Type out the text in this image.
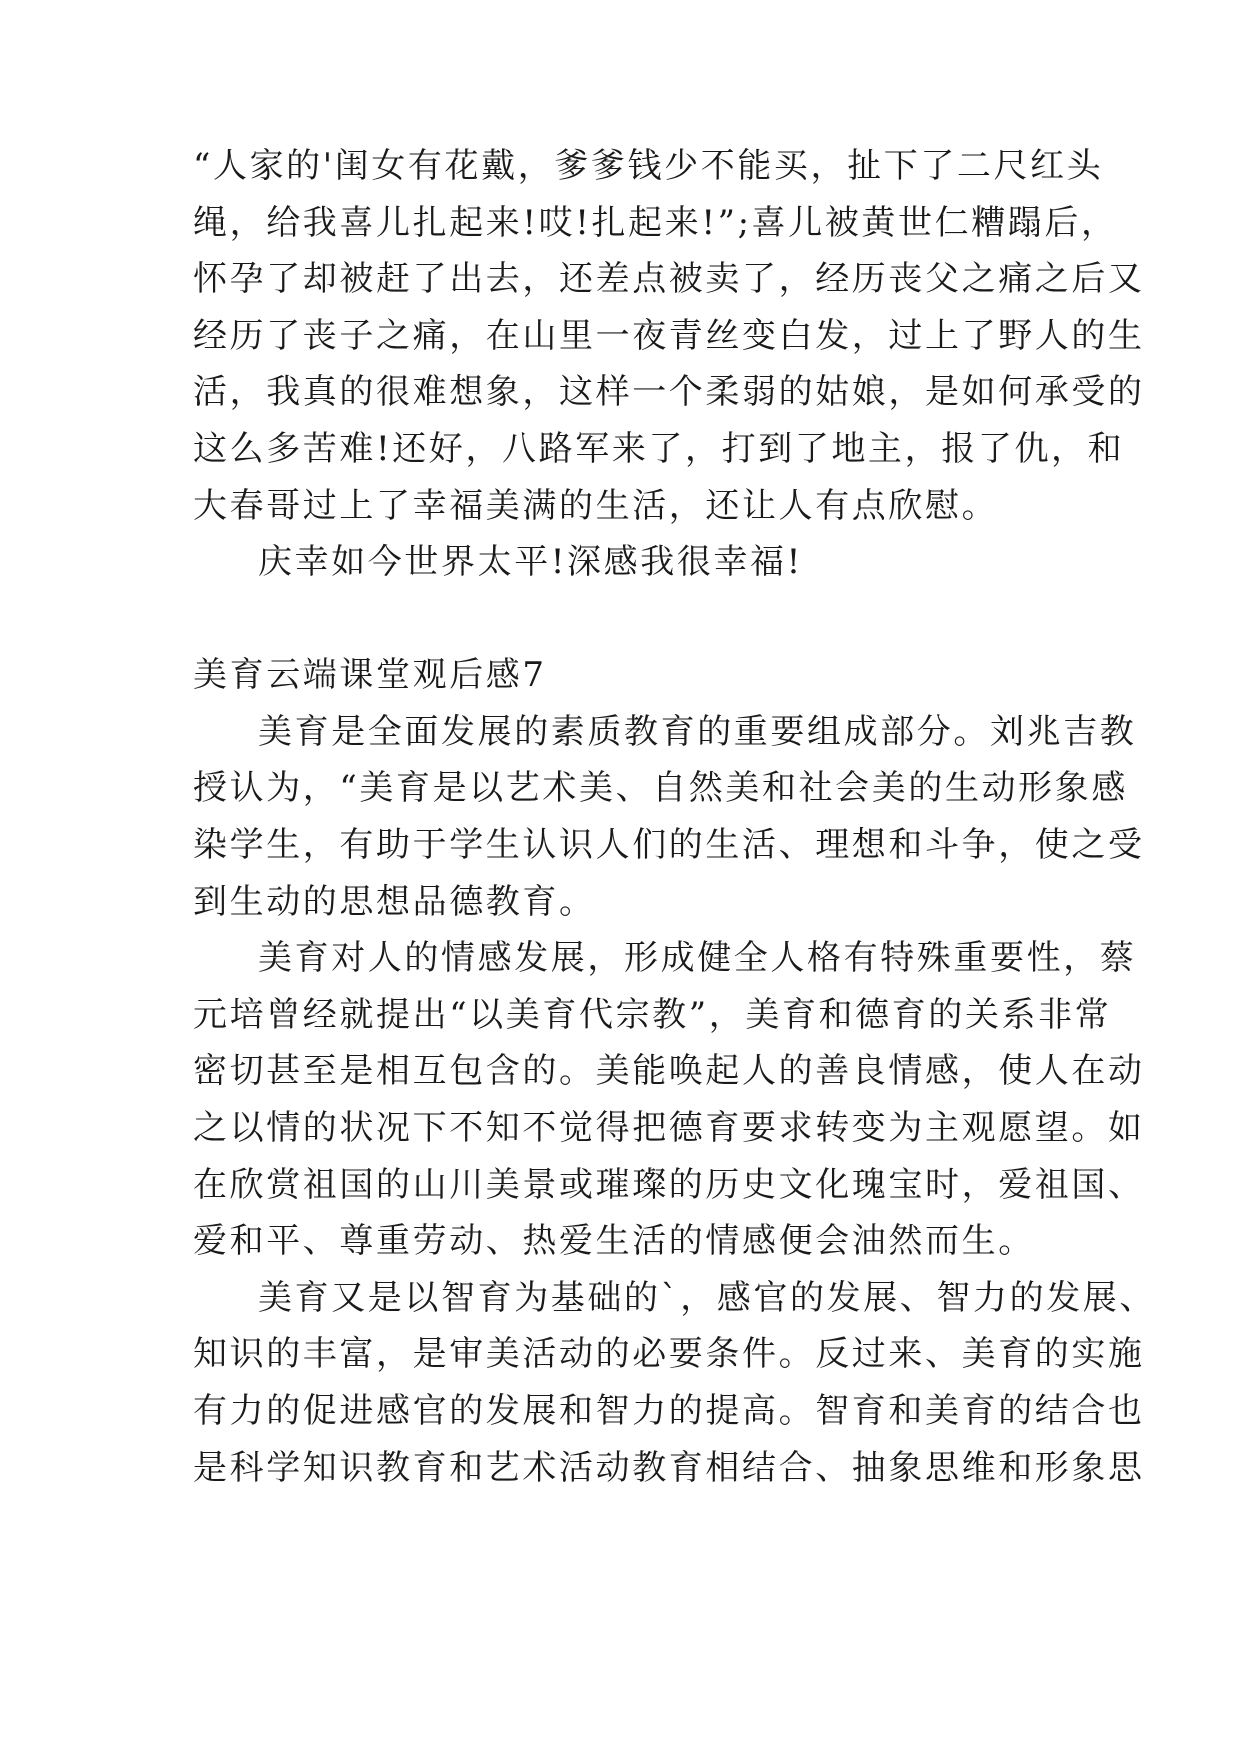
“人家的'闺女有花戴，爹爹钱少不能买，扯下了二尺红头
绳，给我喜儿扎起来!哎!扎起来!”;喜儿被黄世仁糟蹋后，
怀孕了却被赶了出去，还差点被卖了，经历丧父之痛之后又
经历了丧子之痛，在山里一夜青丝变白发，过上了野人的生
活，我真的很难想象，这样一个柔弱的姑娘，是如何承受的
这么多苦难!还好，八路军来了，打到了地主，报了仇，和
大春哥过上了幸福美满的生活，还让人有点欣慰。
庆幸如今世界太平!深感我很幸福!
美育云端课堂观后感7
美育是全面发展的素质教育的重要组成部分。刘兆吉教
授认为，“美育是以艺术美、自然美和社会美的生动形象感
染学生，有助于学生认识人们的生活、理想和斗争，使之受
到生动的思想品德教育。
美育对人的情感发展，形成健全人格有特殊重要性，蔡
元培曾经就提出“以美育代宗教”，美育和德育的关系非常
密切甚至是相互包含的。美能唤起人的善良情感，使人在动
之以情的状况下不知不觉得把德育要求转变为主观愿望。如
在欣赏祖国的山川美景或璀璨的历史文化瑰宝时，爱祖国、
爱和平、尊重劳动、热爱生活的情感便会油然而生。
美育又是以智育为基础的`，感官的发展、智力的发展、
知识的丰富，是审美活动的必要条件。反过来、美育的实施
有力的促进感官的发展和智力的提高。智育和美育的结合也
是科学知识教育和艺术活动教育相结合、抽象思维和形象思
